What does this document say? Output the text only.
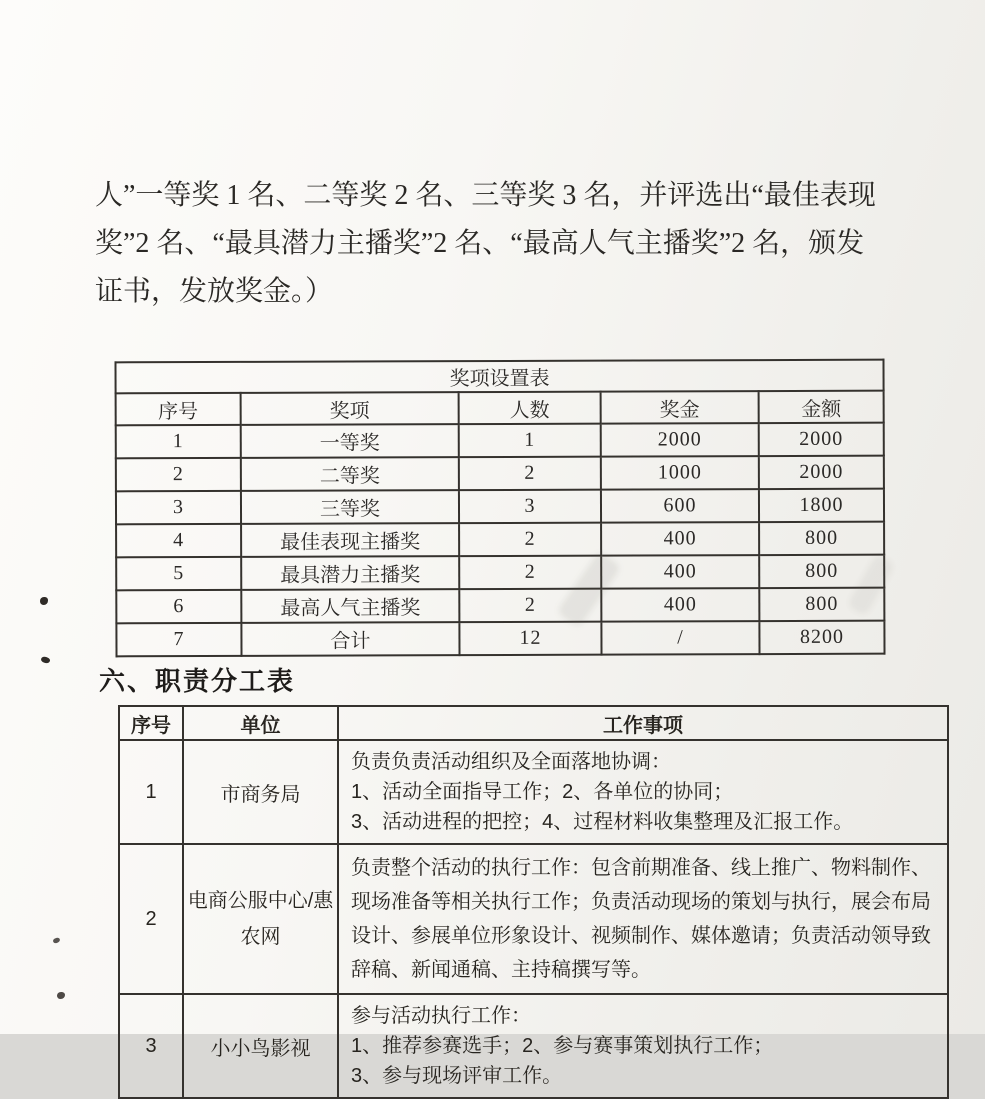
人”一等奖 1 名、二等奖 2 名、三等奖 3 名，并评选出“最佳表现
奖”2 名、“最具潜力主播奖”2 名、“最高人气主播奖”2 名，颁发
证书，发放奖金。）
奖项设置表				
序号	奖项	人数	奖金	金额
1	一等奖	1	2000	2000
2	二等奖	2	1000	2000
3	三等奖	3	600	1800
4	最佳表现主播奖	2	400	800
5	最具潜力主播奖	2	400	800
6	最高人气主播奖	2	400	800
7	合计	12	/	8200
六、职责分工表
序号	单位	工作事项
1	市商务局	负责负责活动组织及全面落地协调：
1、活动全面指导工作；2、各单位的协同；
3、活动进程的把控；4、过程材料收集整理及汇报工作。

2	电商公服中心/惠农网	负责整个活动的执行工作：包含前期准备、线上推广、物料制作、现场准备等相关执行工作；负责活动现场的策划与执行，展会布局设计、参展单位形象设计、视频制作、媒体邀请；负责活动领导致辞稿、新闻通稿、主持稿撰写等。

3	小小鸟影视	参与活动执行工作：
1、推荐参赛选手；2、参与赛事策划执行工作；
3、参与现场评审工作。
